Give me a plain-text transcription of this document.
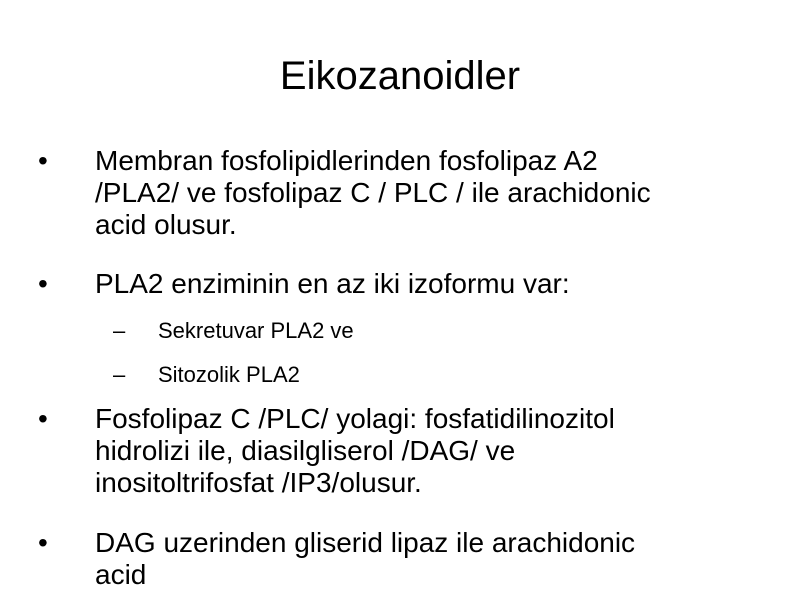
Eikozanoidler
• Membran fosfolipidlerinden fosfolipaz A2
/PLA2/ ve fosfolipaz C / PLC / ile arachidonic
acid olusur.
• PLA2 enziminin en az iki izoformu var:
– Sekretuvar PLA2 ve
– Sitozolik PLA2
• Fosfolipaz C /PLC/ yolagi: fosfatidilinozitol
hidrolizi ile, diasilgliserol /DAG/ ve
inositoltrifosfat /IP3/olusur.
• DAG uzerinden gliserid lipaz ile arachidonic
acid
